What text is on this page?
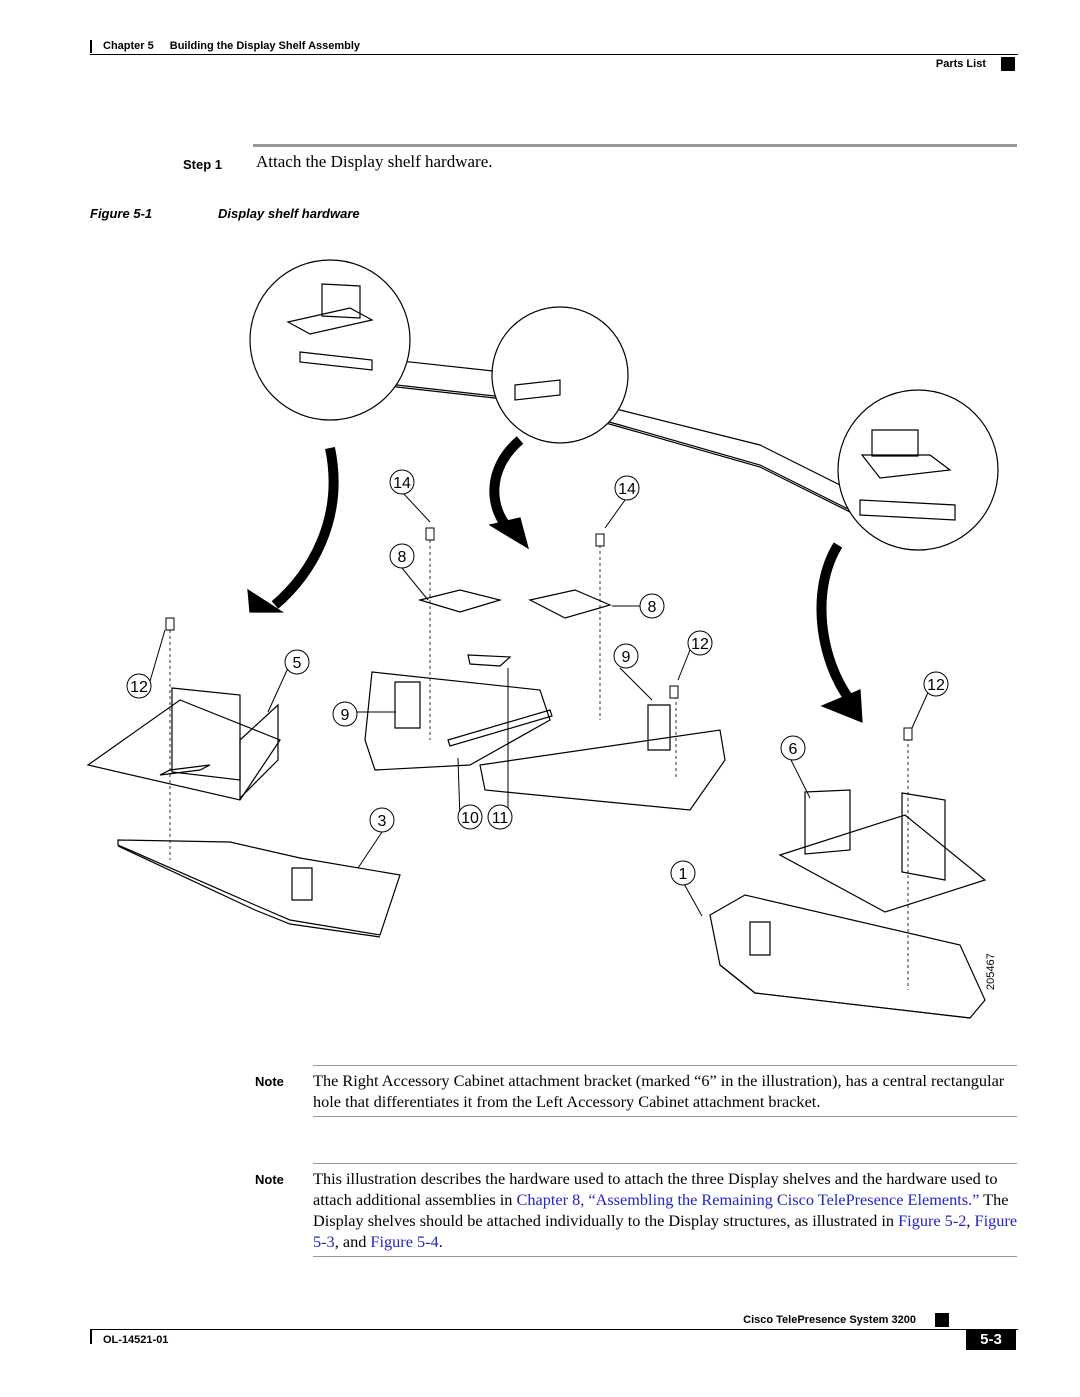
Chapter 5 Building the Display Shelf Assembly
Parts List
Step 1 Attach the Display shelf hardware.
Figure 5-1	Display shelf hardware
14	14
8
8
12
12	12
5
9
9
6
3	10 11
1
205467
Note The Right Accessory Cabinet attachment bracket (marked “6” in the illustration), has a central rectangular hole that differentiates it from the Left Accessory Cabinet attachment bracket.
Note This illustration describes the hardware used to attach the three Display shelves and the hardware used to attach additional assemblies in Chapter 8, “Assembling the Remaining Cisco TelePresence Elements.” The Display shelves should be attached individually to the Display structures, as illustrated in Figure 5-2, Figure 5-3, and Figure 5-4.
Cisco TelePresence System 3200
OL-14521-01	5-3
